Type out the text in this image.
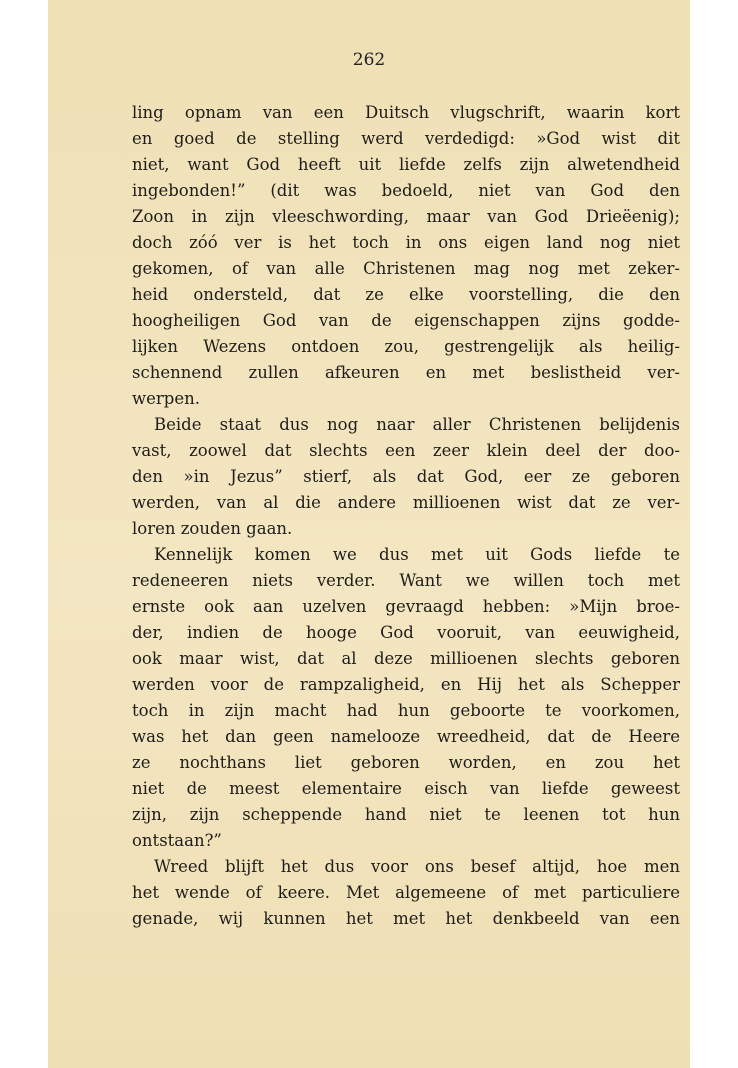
262
ling opnam van een Duitsch vlugschrift, waarin kort
en goed de stelling werd verdedigd: »God wist dit
niet, want God heeft uit liefde zelfs zijn alwetendheid
ingebonden!” (dit was bedoeld, niet van God den
Zoon in zijn vleeschwording, maar van God Drieëenig);
doch zóó ver is het toch in ons eigen land nog niet
gekomen, of van alle Christenen mag nog met zeker-
heid ondersteld, dat ze elke voorstelling, die den
hoogheiligen God van de eigenschappen zijns godde-
lijken Wezens ontdoen zou, gestrengelijk als heilig-
schennend zullen afkeuren en met beslistheid ver-
werpen.
Beide staat dus nog naar aller Christenen belijdenis
vast, zoowel dat slechts een zeer klein deel der doo-
den »in Jezus” stierf, als dat God, eer ze geboren
werden, van al die andere millioenen wist dat ze ver-
loren zouden gaan.
Kennelijk komen we dus met uit Gods liefde te
redeneeren niets verder. Want we willen toch met
ernste ook aan uzelven gevraagd hebben: »Mijn broe-
der, indien de hooge God vooruit, van eeuwigheid,
ook maar wist, dat al deze millioenen slechts geboren
werden voor de rampzaligheid, en Hij het als Schepper
toch in zijn macht had hun geboorte te voorkomen,
was het dan geen namelooze wreedheid, dat de Heere
ze nochthans liet geboren worden, en zou het
niet de meest elementaire eisch van liefde geweest
zijn, zijn scheppende hand niet te leenen tot hun
ontstaan?”
Wreed blijft het dus voor ons besef altijd, hoe men
het wende of keere. Met algemeene of met particuliere
genade, wij kunnen het met het denkbeeld van een
